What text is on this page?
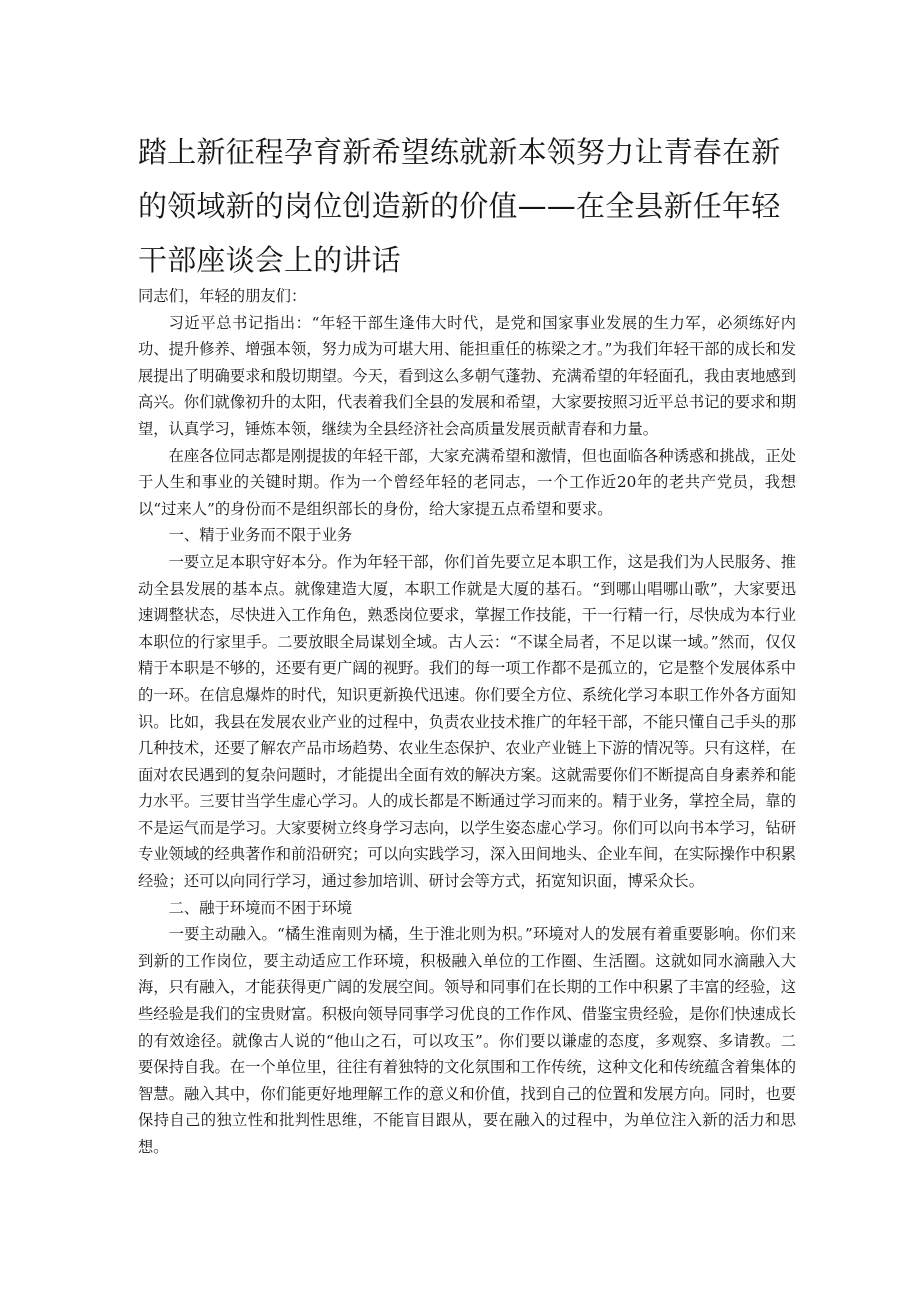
踏上新征程孕育新希望练就新本领努力让青春在新的领域新的岗位创造新的价值——在全县新任年轻干部座谈会上的讲话

同志们，年轻的朋友们：

习近平总书记指出：“年轻干部生逢伟大时代，是党和国家事业发展的生力军，必须练好内功、提升修养、增强本领，努力成为可堪大用、能担重任的栋梁之才。”为我们年轻干部的成长和发展提出了明确要求和殷切期望。今天，看到这么多朝气蓬勃、充满希望的年轻面孔，我由衷地感到高兴。你们就像初升的太阳，代表着我们全县的发展和希望，大家要按照习近平总书记的要求和期望，认真学习，锤炼本领，继续为全县经济社会高质量发展贡献青春和力量。

在座各位同志都是刚提拔的年轻干部，大家充满希望和激情，但也面临各种诱惑和挑战，正处于人生和事业的关键时期。作为一个曾经年轻的老同志，一个工作近20年的老共产党员，我想以“过来人”的身份而不是组织部长的身份，给大家提五点希望和要求。

一、精于业务而不限于业务

一要立足本职守好本分。作为年轻干部，你们首先要立足本职工作，这是我们为人民服务、推动全县发展的基本点。就像建造大厦，本职工作就是大厦的基石。“到哪山唱哪山歌”，大家要迅速调整状态，尽快进入工作角色，熟悉岗位要求，掌握工作技能，干一行精一行，尽快成为本行业本职位的行家里手。二要放眼全局谋划全域。古人云：“不谋全局者，不足以谋一域。”然而，仅仅精于本职是不够的，还要有更广阔的视野。我们的每一项工作都不是孤立的，它是整个发展体系中的一环。在信息爆炸的时代，知识更新换代迅速。你们要全方位、系统化学习本职工作外各方面知识。比如，我县在发展农业产业的过程中，负责农业技术推广的年轻干部，不能只懂自己手头的那几种技术，还要了解农产品市场趋势、农业生态保护、农业产业链上下游的情况等。只有这样，在面对农民遇到的复杂问题时，才能提出全面有效的解决方案。这就需要你们不断提高自身素养和能力水平。三要甘当学生虚心学习。人的成长都是不断通过学习而来的。精于业务，掌控全局，靠的不是运气而是学习。大家要树立终身学习志向，以学生姿态虚心学习。你们可以向书本学习，钻研专业领域的经典著作和前沿研究；可以向实践学习，深入田间地头、企业车间，在实际操作中积累经验；还可以向同行学习，通过参加培训、研讨会等方式，拓宽知识面，博采众长。

二、融于环境而不困于环境

一要主动融入。“橘生淮南则为橘，生于淮北则为枳。”环境对人的发展有着重要影响。你们来到新的工作岗位，要主动适应工作环境，积极融入单位的工作圈、生活圈。这就如同水滴融入大海，只有融入，才能获得更广阔的发展空间。领导和同事们在长期的工作中积累了丰富的经验，这些经验是我们的宝贵财富。积极向领导同事学习优良的工作作风、借鉴宝贵经验，是你们快速成长的有效途径。就像古人说的“他山之石，可以攻玉”。你们要以谦虚的态度，多观察、多请教。二要保持自我。在一个单位里，往往有着独特的文化氛围和工作传统，这种文化和传统蕴含着集体的智慧。融入其中，你们能更好地理解工作的意义和价值，找到自己的位置和发展方向。同时，也要保持自己的独立性和批判性思维，不能盲目跟从，要在融入的过程中，为单位注入新的活力和思想。
